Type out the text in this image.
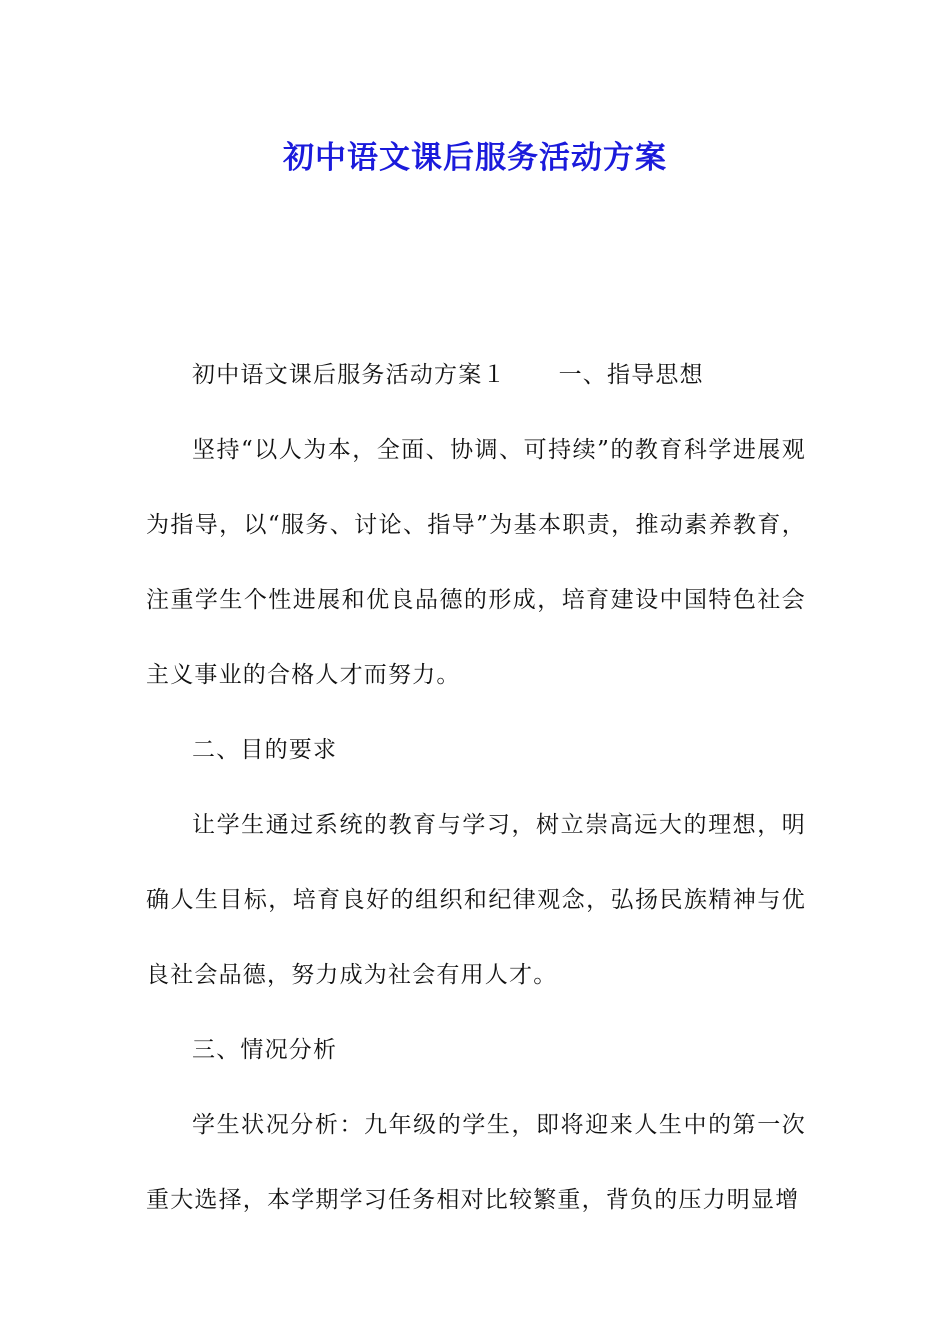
初中语文课后服务活动方案

初中语文课后服务活动方案１ 一、指导思想

坚持“以人为本，全面、协调、可持续”的教育科学进展观为指导，以“服务、讨论、指导”为基本职责，推动素养教育，注重学生个性进展和优良品德的形成，培育建设中国特色社会主义事业的合格人才而努力。

二、目的要求

让学生通过系统的教育与学习，树立崇高远大的理想，明确人生目标，培育良好的组织和纪律观念，弘扬民族精神与优良社会品德，努力成为社会有用人才。

三、情况分析

学生状况分析：九年级的学生，即将迎来人生中的第一次重大选择，本学期学习任务相对比较繁重，背负的压力明显增
